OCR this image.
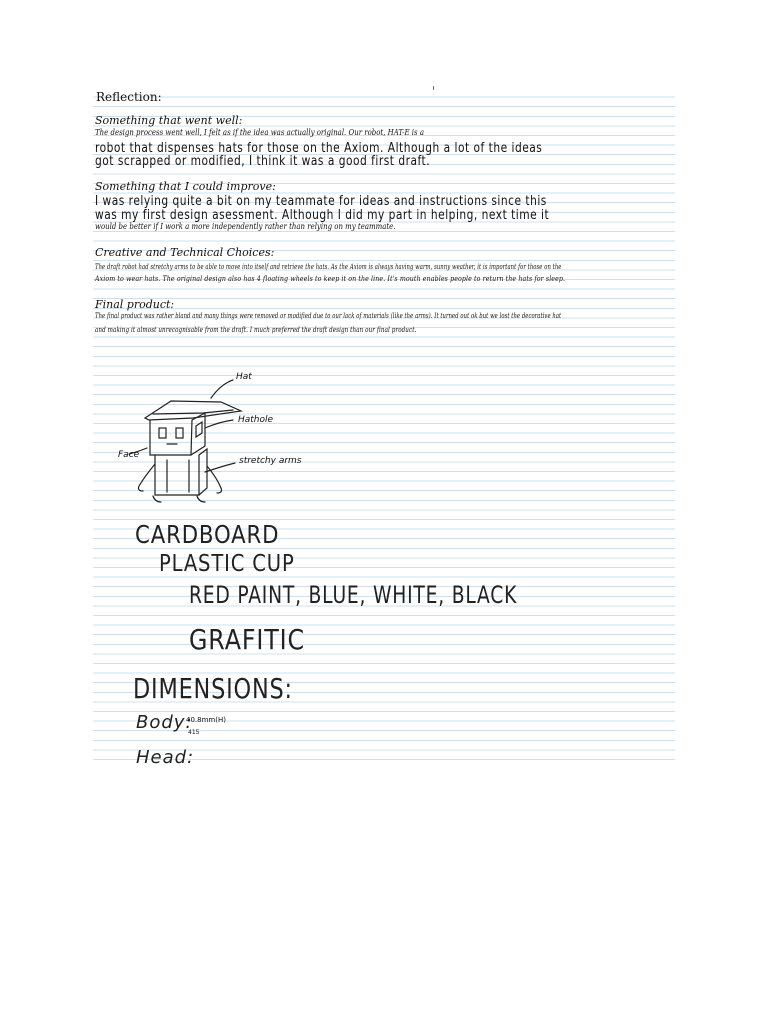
Reflection:
Something that went well:
The design process went well, I felt as if the idea was actually original. Our robot, HAT-E is a
robot that dispenses hats for those on the Axiom. Although a lot of the ideas
got scrapped or modified, I think it was a good first draft.
Something that I could improve:
I was relying quite a bit on my teammate for ideas and instructions since this
was my first design asessment. Although I did my part in helping, next time it
would be better if I work a more independently rather than relying on my teammate.
Creative and Technical Choices:
The draft robot had stretchy arms to be able to move into itself and retrieve the hats. As the Axiom is always having warm, sunny weather, it is important for those on the
Axiom to wear hats. The original design also has 4 floating wheels to keep it on the line. It's mouth enables people to return the hats for sleep.
Final product:
The final product was rather bland and many things were removed or modified due to our lack of materials (like the arms). It turned out ok but we lost the decorative hat
and making it almost unrecognisable from the draft. I much preferred the draft design than our final product.
Hat
Hathole
Face
stretchy arms
CARDBOARD
PLASTIC CUP
RED PAINT, BLUE, WHITE, BLACK
GRAFITIC
DIMENSIONS:
Body:
40.8mm(H)
415
Head:
